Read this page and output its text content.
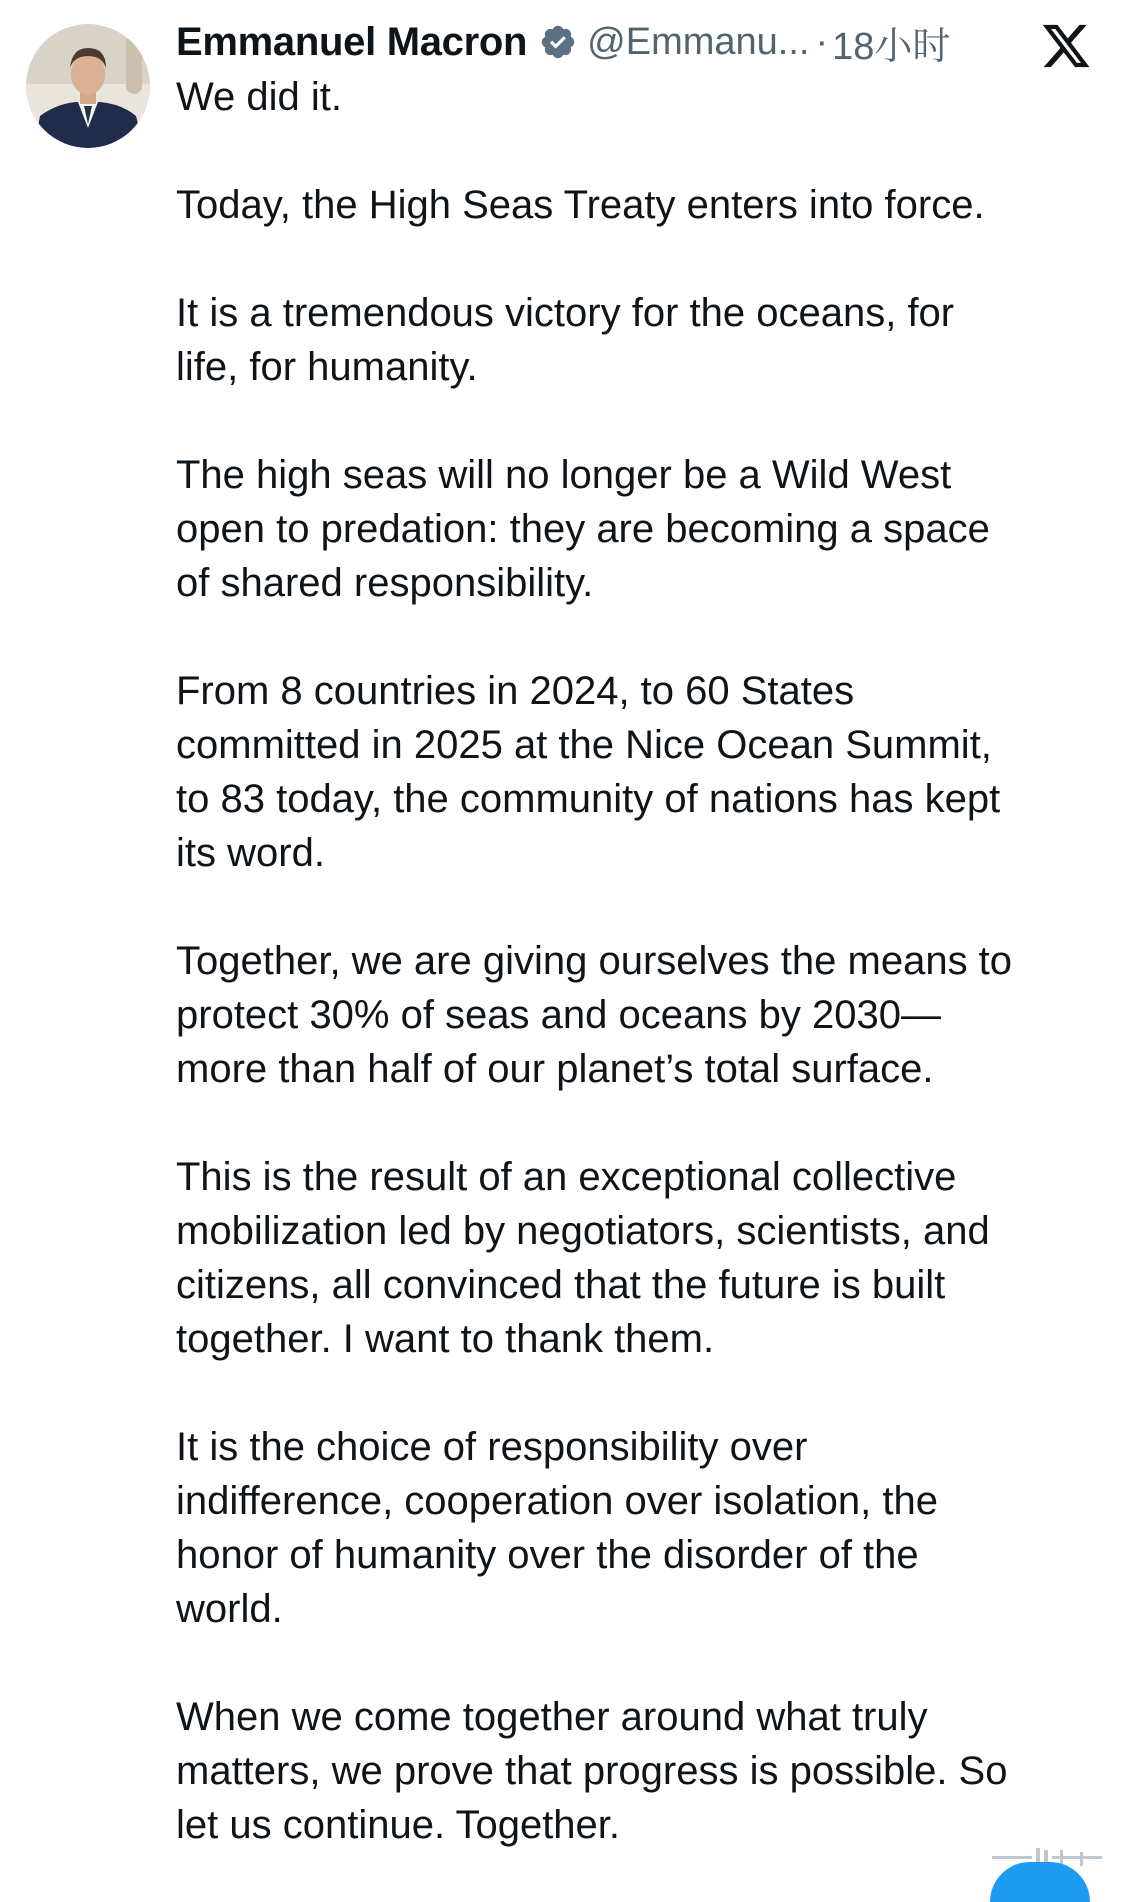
Emmanuel Macron @Emmanu... · 18小时

We did it.

Today, the High Seas Treaty enters into force.

It is a tremendous victory for the oceans, for
life, for humanity.

The high seas will no longer be a Wild West
open to predation: they are becoming a space
of shared responsibility.

From 8 countries in 2024, to 60 States
committed in 2025 at the Nice Ocean Summit,
to 83 today, the community of nations has kept
its word.

Together, we are giving ourselves the means to
protect 30% of seas and oceans by 2030—
more than half of our planet’s total surface.

This is the result of an exceptional collective
mobilization led by negotiators, scientists, and
citizens, all convinced that the future is built
together. I want to thank them.

It is the choice of responsibility over
indifference, cooperation over isolation, the
honor of humanity over the disorder of the
world.

When we come together around what truly
matters, we prove that progress is possible. So
let us continue. Together.
